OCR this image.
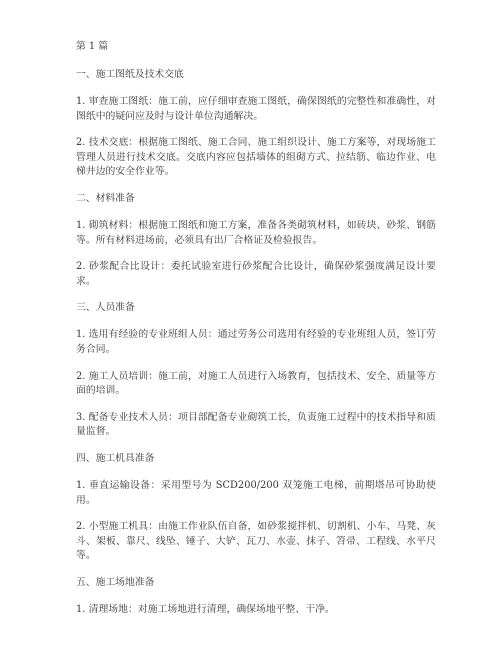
第 1 篇
一、施工图纸及技术交底

1. 审查施工图纸：施工前，应仔细审查施工图纸，确保图纸的完整性和准确性，对图纸中的疑问应及时与设计单位沟通解决。

2. 技术交底：根据施工图纸、施工合同、施工组织设计、施工方案等，对现场施工管理人员进行技术交底。交底内容应包括墙体的组砌方式、拉结筋、临边作业、电梯井边的安全作业等。

二、材料准备

1. 砌筑材料：根据施工图纸和施工方案，准备各类砌筑材料，如砖块、砂浆、钢筋等。所有材料进场前，必须具有出厂合格证及检验报告。

2. 砂浆配合比设计：委托试验室进行砂浆配合比设计，确保砂浆强度满足设计要求。

三、人员准备

1. 选用有经验的专业班组人员：通过劳务公司选用有经验的专业班组人员，签订劳务合同。

2. 施工人员培训：施工前，对施工人员进行入场教育，包括技术、安全、质量等方面的培训。

3. 配备专业技术人员：项目部配备专业砌筑工长，负责施工过程中的技术指导和质量监督。

四、施工机具准备

1. 垂直运输设备：采用型号为 SCD200/200 双笼施工电梯，前期塔吊可协助使用。

2. 小型施工机具：由施工作业队伍自备，如砂浆搅拌机、切割机、小车、马凳、灰斗、架板、靠尺、线坠、锤子、大铲、瓦刀、水壶、抹子、笤帚、工程线、水平尺等。

五、施工场地准备

1. 清理场地：对施工场地进行清理，确保场地平整、干净。
